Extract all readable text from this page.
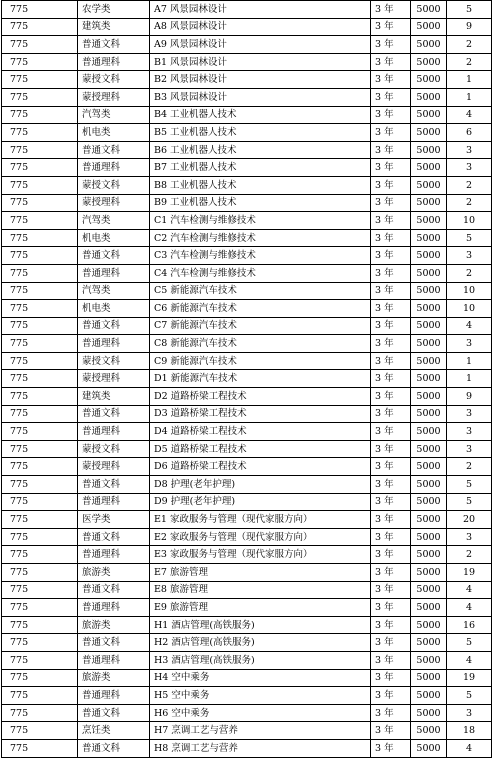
775	农学类	A7 风景园林设计	3 年	5000	5
775	建筑类	A8 风景园林设计	3 年	5000	9
775	普通文科	A9 风景园林设计	3 年	5000	2
775	普通理科	B1 风景园林设计	3 年	5000	2
775	蒙授文科	B2 风景园林设计	3 年	5000	1
775	蒙授理科	B3 风景园林设计	3 年	5000	1
775	汽驾类	B4 工业机器人技术	3 年	5000	4
775	机电类	B5 工业机器人技术	3 年	5000	6
775	普通文科	B6 工业机器人技术	3 年	5000	3
775	普通理科	B7 工业机器人技术	3 年	5000	3
775	蒙授文科	B8 工业机器人技术	3 年	5000	2
775	蒙授理科	B9 工业机器人技术	3 年	5000	2
775	汽驾类	C1 汽车检测与维修技术	3 年	5000	10
775	机电类	C2 汽车检测与维修技术	3 年	5000	5
775	普通文科	C3 汽车检测与维修技术	3 年	5000	3
775	普通理科	C4 汽车检测与维修技术	3 年	5000	2
775	汽驾类	C5 新能源汽车技术	3 年	5000	10
775	机电类	C6 新能源汽车技术	3 年	5000	10
775	普通文科	C7 新能源汽车技术	3 年	5000	4
775	普通理科	C8 新能源汽车技术	3 年	5000	3
775	蒙授文科	C9 新能源汽车技术	3 年	5000	1
775	蒙授理科	D1 新能源汽车技术	3 年	5000	1
775	建筑类	D2 道路桥梁工程技术	3 年	5000	9
775	普通文科	D3 道路桥梁工程技术	3 年	5000	3
775	普通理科	D4 道路桥梁工程技术	3 年	5000	3
775	蒙授文科	D5 道路桥梁工程技术	3 年	5000	3
775	蒙授理科	D6 道路桥梁工程技术	3 年	5000	2
775	普通文科	D8 护理(老年护理)	3 年	5000	5
775	普通理科	D9 护理(老年护理)	3 年	5000	5
775	医学类	E1 家政服务与管理（现代家服方向）	3 年	5000	20
775	普通文科	E2 家政服务与管理（现代家服方向）	3 年	5000	3
775	普通理科	E3 家政服务与管理（现代家服方向）	3 年	5000	2
775	旅游类	E7 旅游管理	3 年	5000	19
775	普通文科	E8 旅游管理	3 年	5000	4
775	普通理科	E9 旅游管理	3 年	5000	4
775	旅游类	H1 酒店管理(高铁服务)	3 年	5000	16
775	普通文科	H2 酒店管理(高铁服务)	3 年	5000	5
775	普通理科	H3 酒店管理(高铁服务)	3 年	5000	4
775	旅游类	H4 空中乘务	3 年	5000	19
775	普通理科	H5 空中乘务	3 年	5000	5
775	普通文科	H6 空中乘务	3 年	5000	3
775	烹饪类	H7 烹调工艺与营养	3 年	5000	18
775	普通文科	H8 烹调工艺与营养	3 年	5000	4
